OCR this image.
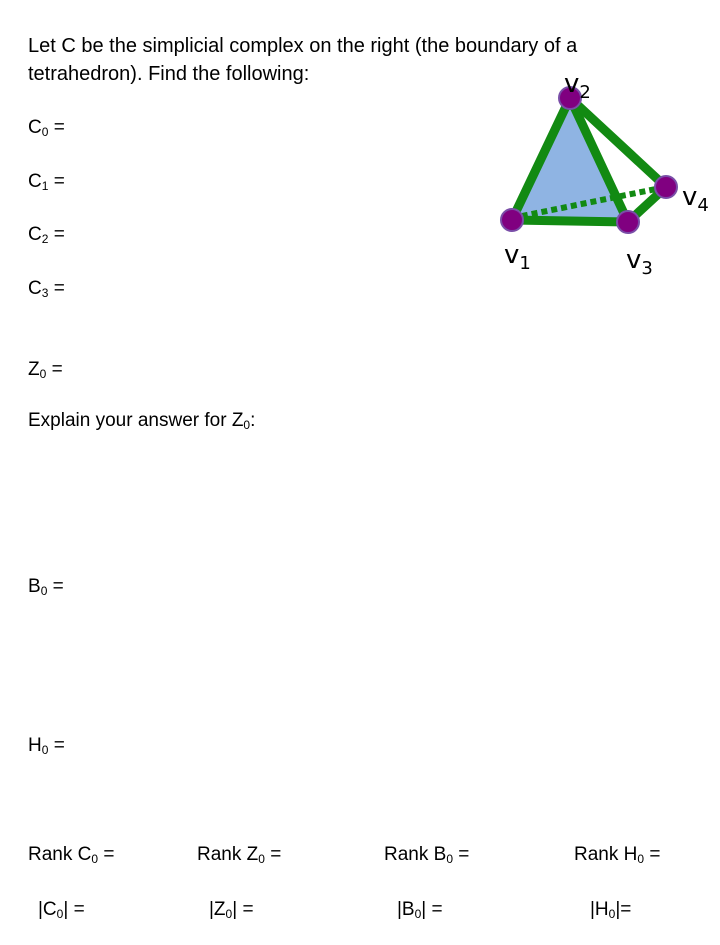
Let C be the simplicial complex on the right (the boundary of a
tetrahedron). Find the following:
$C_0$ =
$C_1$ =
$C_2$ =
$C_3$ =
$Z_0$ =
Explain your answer for $Z_0$:
$B_0$ =
$H_0$ =
Rank $C_0$ =	Rank $Z_0$ =	Rank $B_0$ =	Rank $H_0$ =
$|C_0|$ =	$|Z_0|$ =	$|B_0|$ =	$|H_0|=$
v1
v2
v3
v4
